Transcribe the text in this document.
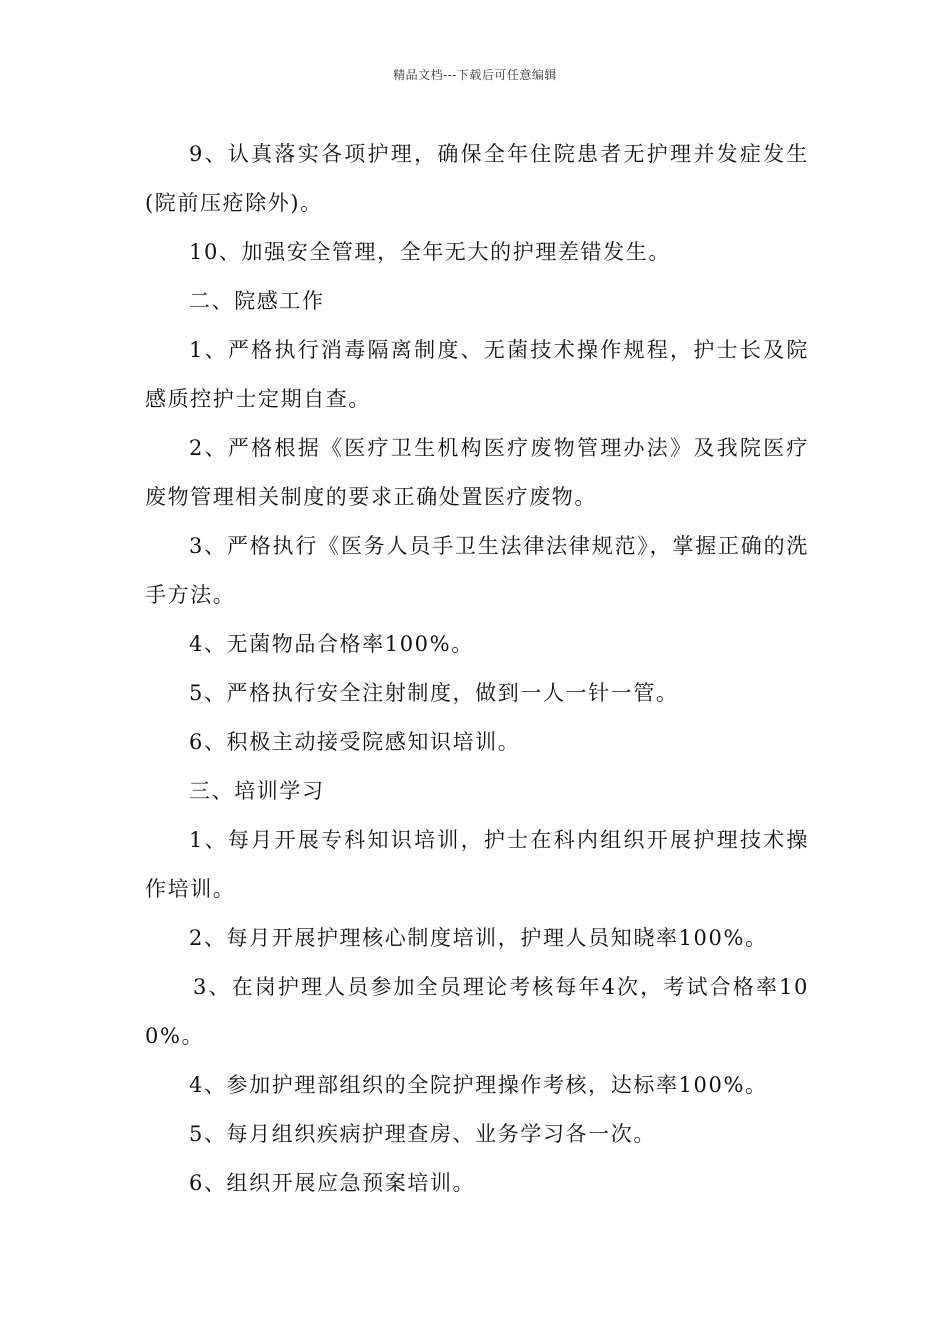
精品文档---下载后可任意编辑

9、认真落实各项护理，确保全年住院患者无护理并发症发生(院前压疮除外)。

10、加强安全管理，全年无大的护理差错发生。

二、院感工作

1、严格执行消毒隔离制度、无菌技术操作规程，护士长及院感质控护士定期自查。

2、严格根据《医疗卫生机构医疗废物管理办法》及我院医疗废物管理相关制度的要求正确处置医疗废物。

3、严格执行《医务人员手卫生法律法律规范》，掌握正确的洗手方法。

4、无菌物品合格率100%。

5、严格执行安全注射制度，做到一人一针一管。

6、积极主动接受院感知识培训。

三、培训学习

1、每月开展专科知识培训，护士在科内组织开展护理技术操作培训。

2、每月开展护理核心制度培训，护理人员知晓率100%。

3、在岗护理人员参加全员理论考核每年4次，考试合格率100%。

4、参加护理部组织的全院护理操作考核，达标率100%。

5、每月组织疾病护理查房、业务学习各一次。

6、组织开展应急预案培训。
